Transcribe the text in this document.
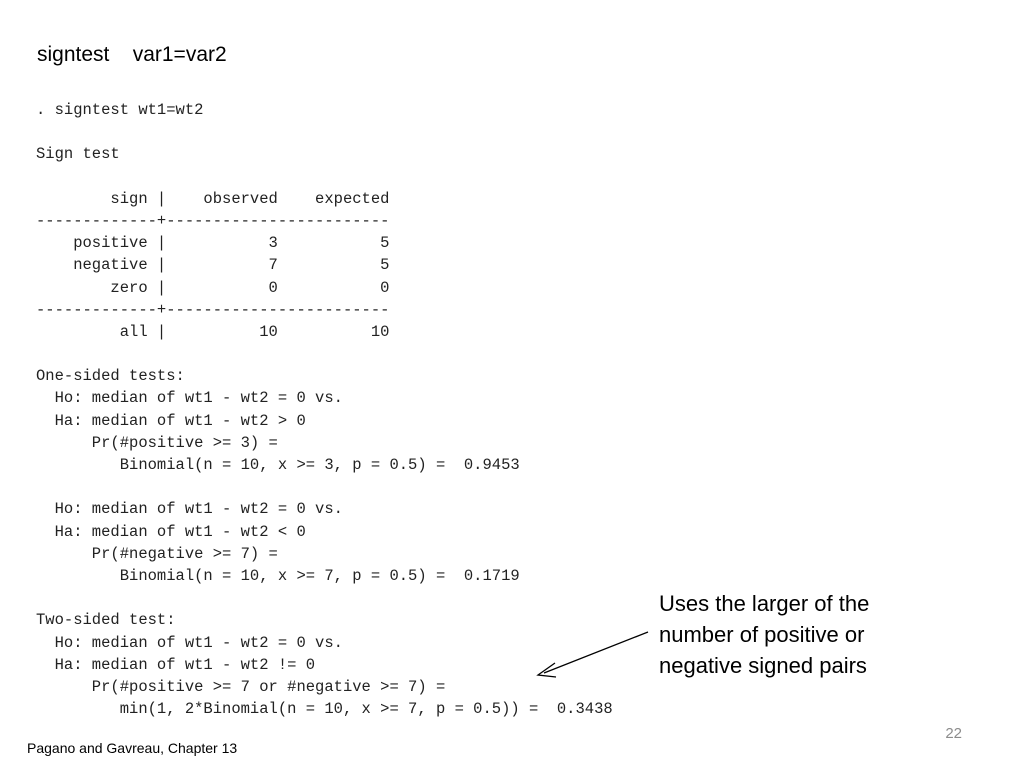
signtest    var1=var2
. signtest wt1=wt2
Sign test
sign |    observed    expected
-------------+------------------------
positive |           3           5
negative |           7           5
zero |           0           0
-------------+------------------------
all |          10          10
One-sided tests:
Ho: median of wt1 - wt2 = 0 vs.
Ha: median of wt1 - wt2 > 0
Pr(#positive >= 3) =
Binomial(n = 10, x >= 3, p = 0.5) =  0.9453
Ho: median of wt1 - wt2 = 0 vs.
Ha: median of wt1 - wt2 < 0
Pr(#negative >= 7) =
Binomial(n = 10, x >= 7, p = 0.5) =  0.1719
Two-sided test:
Ho: median of wt1 - wt2 = 0 vs.
Ha: median of wt1 - wt2 != 0
Pr(#positive >= 7 or #negative >= 7) =
min(1, 2*Binomial(n = 10, x >= 7, p = 0.5)) =  0.3438
Uses the larger of the
number of positive or
negative signed pairs
22
Pagano and Gavreau, Chapter 13
